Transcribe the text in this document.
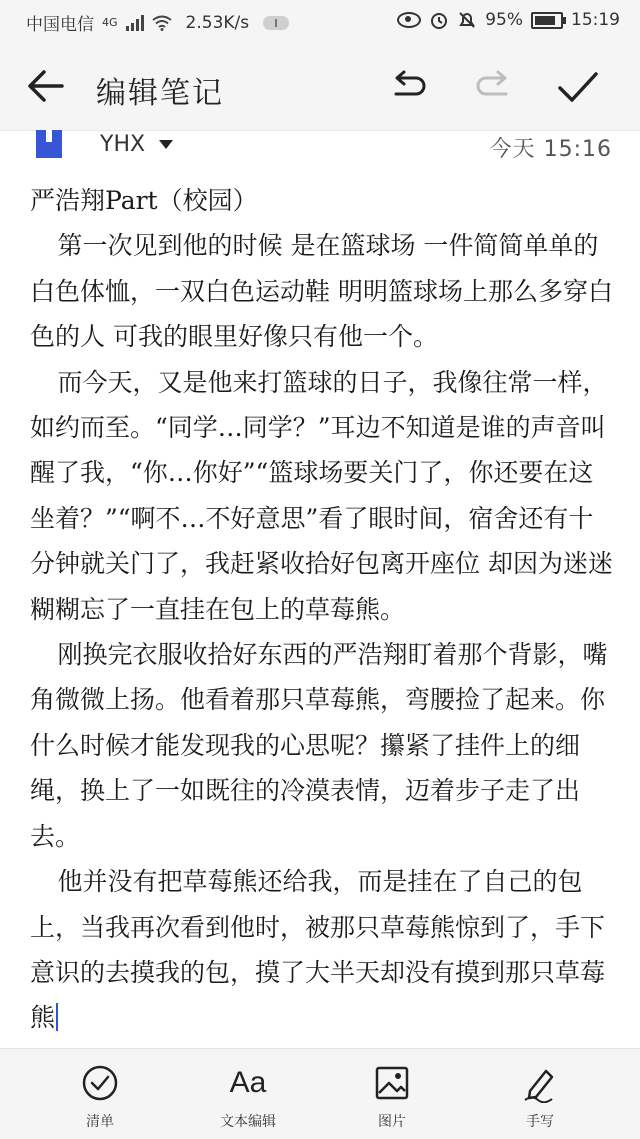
中国电信 4G	2.53K/s	95%	15:19
编辑笔记
YHX	今天 15:16

严浩翔Part（校园）

第一次见到他的时候 是在篮球场 一件简简单单的白色体恤，一双白色运动鞋 明明篮球场上那么多穿白色的人 可我的眼里好像只有他一个。

而今天，又是他来打篮球的日子，我像往常一样，如约而至。“同学…同学？”耳边不知道是谁的声音叫醒了我，“你…你好”“篮球场要关门了，你还要在这坐着？”“啊不…不好意思”看了眼时间，宿舍还有十分钟就关门了，我赶紧收拾好包离开座位 却因为迷迷糊糊忘了一直挂在包上的草莓熊。

刚换完衣服收拾好东西的严浩翔盯着那个背影，嘴角微微上扬。他看着那只草莓熊，弯腰捡了起来。你什么时候才能发现我的心思呢？攥紧了挂件上的细绳，换上了一如既往的冷漠表情，迈着步子走了出去。

他并没有把草莓熊还给我，而是挂在了自己的包上，当我再次看到他时，被那只草莓熊惊到了，手下意识的去摸我的包，摸了大半天却没有摸到那只草莓熊

清单
Aa
文本编辑	图片	手写
